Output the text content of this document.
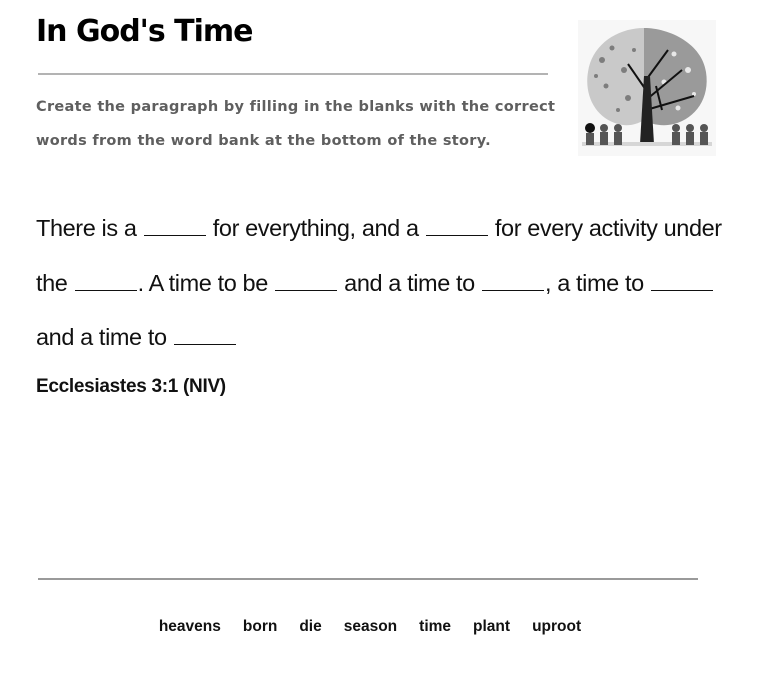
In God's Time

Create the paragraph by filling in the blanks with the correct words from the word bank at the bottom of the story.

There is a	for everything, and a	for every activity under the	. A time to be	and a time to	, a time to  and a time to

Ecclesiastes 3:1 (NIV)

heavens born die season time plant uproot
